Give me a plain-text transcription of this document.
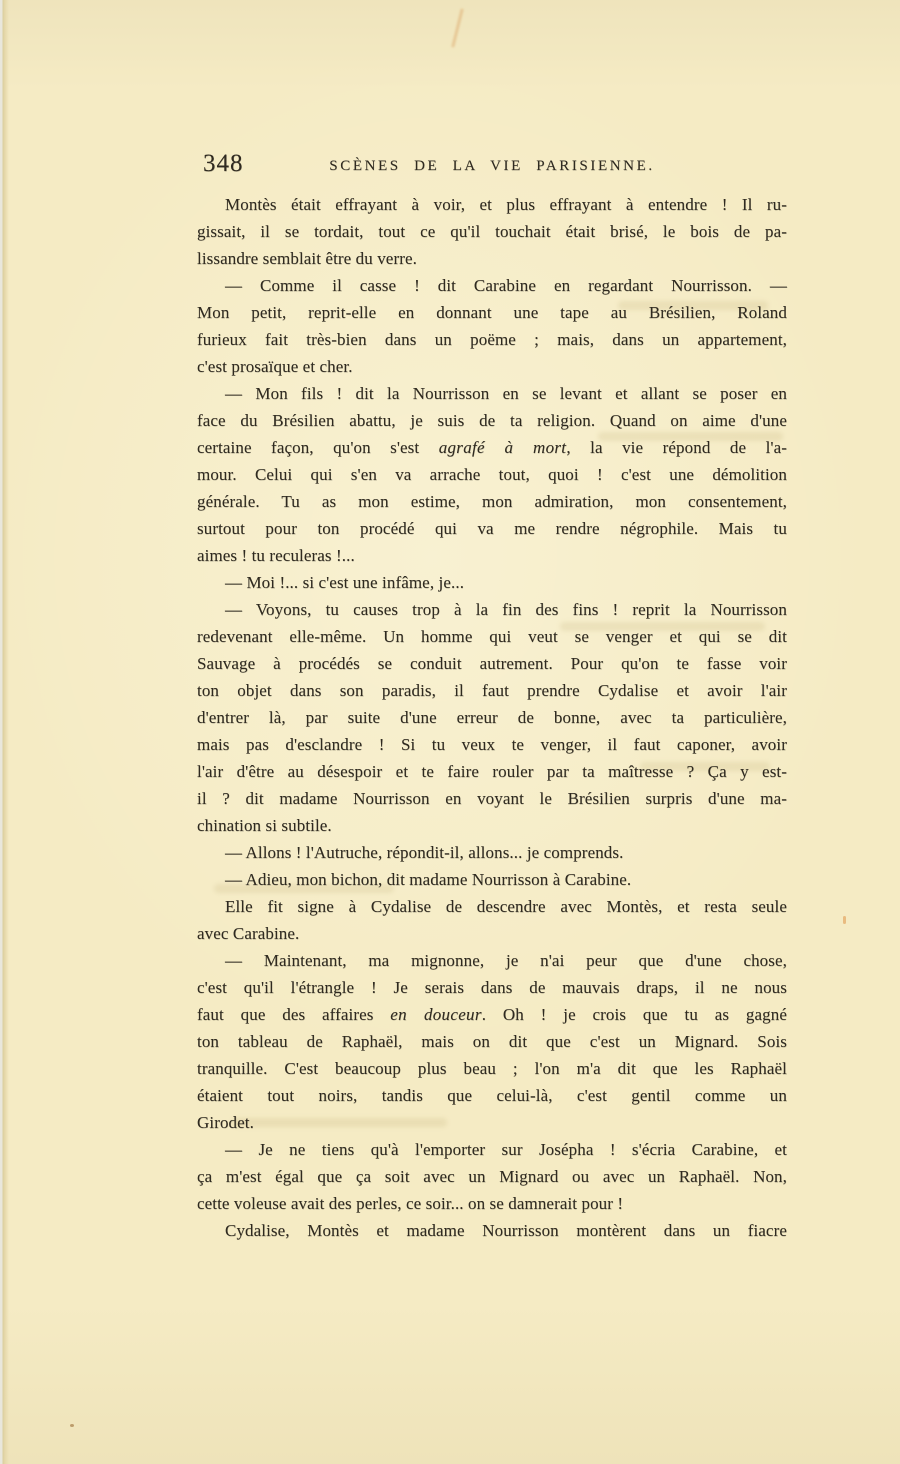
348	SCÈNES DE LA VIE PARISIENNE.
Montès était effrayant à voir, et plus effrayant à entendre ! Il ru-
gissait, il se tordait, tout ce qu'il touchait était brisé, le bois de pa-
lissandre semblait être du verre.
— Comme il casse ! dit Carabine en regardant Nourrisson. —
Mon petit, reprit-elle en donnant une tape au Brésilien, Roland
furieux fait très-bien dans un poëme ; mais, dans un appartement,
c'est prosaïque et cher.
— Mon fils ! dit la Nourrisson en se levant et allant se poser en
face du Brésilien abattu, je suis de ta religion. Quand on aime d'une
certaine façon, qu'on s'est agrafé à mort, la vie répond de l'a-
mour. Celui qui s'en va arrache tout, quoi ! c'est une démolition
générale. Tu as mon estime, mon admiration, mon consentement,
surtout pour ton procédé qui va me rendre négrophile. Mais tu
aimes ! tu reculeras !...
— Moi !... si c'est une infâme, je...
— Voyons, tu causes trop à la fin des fins ! reprit la Nourrisson
redevenant elle-même. Un homme qui veut se venger et qui se dit
Sauvage à procédés se conduit autrement. Pour qu'on te fasse voir
ton objet dans son paradis, il faut prendre Cydalise et avoir l'air
d'entrer là, par suite d'une erreur de bonne, avec ta particulière,
mais pas d'esclandre ! Si tu veux te venger, il faut caponer, avoir
l'air d'être au désespoir et te faire rouler par ta maîtresse ? Ça y est-
il ? dit madame Nourrisson en voyant le Brésilien surpris d'une ma-
chination si subtile.
— Allons ! l'Autruche, répondit-il, allons... je comprends.
— Adieu, mon bichon, dit madame Nourrisson à Carabine.
Elle fit signe à Cydalise de descendre avec Montès, et resta seule
avec Carabine.
— Maintenant, ma mignonne, je n'ai peur que d'une chose,
c'est qu'il l'étrangle ! Je serais dans de mauvais draps, il ne nous
faut que des affaires en douceur. Oh ! je crois que tu as gagné
ton tableau de Raphaël, mais on dit que c'est un Mignard. Sois
tranquille. C'est beaucoup plus beau ; l'on m'a dit que les Raphaël
étaient tout noirs, tandis que celui-là, c'est gentil comme un
Girodet.
— Je ne tiens qu'à l'emporter sur Josépha ! s'écria Carabine, et
ça m'est égal que ça soit avec un Mignard ou avec un Raphaël. Non,
cette voleuse avait des perles, ce soir... on se damnerait pour !
Cydalise, Montès et madame Nourrisson montèrent dans un fiacre
